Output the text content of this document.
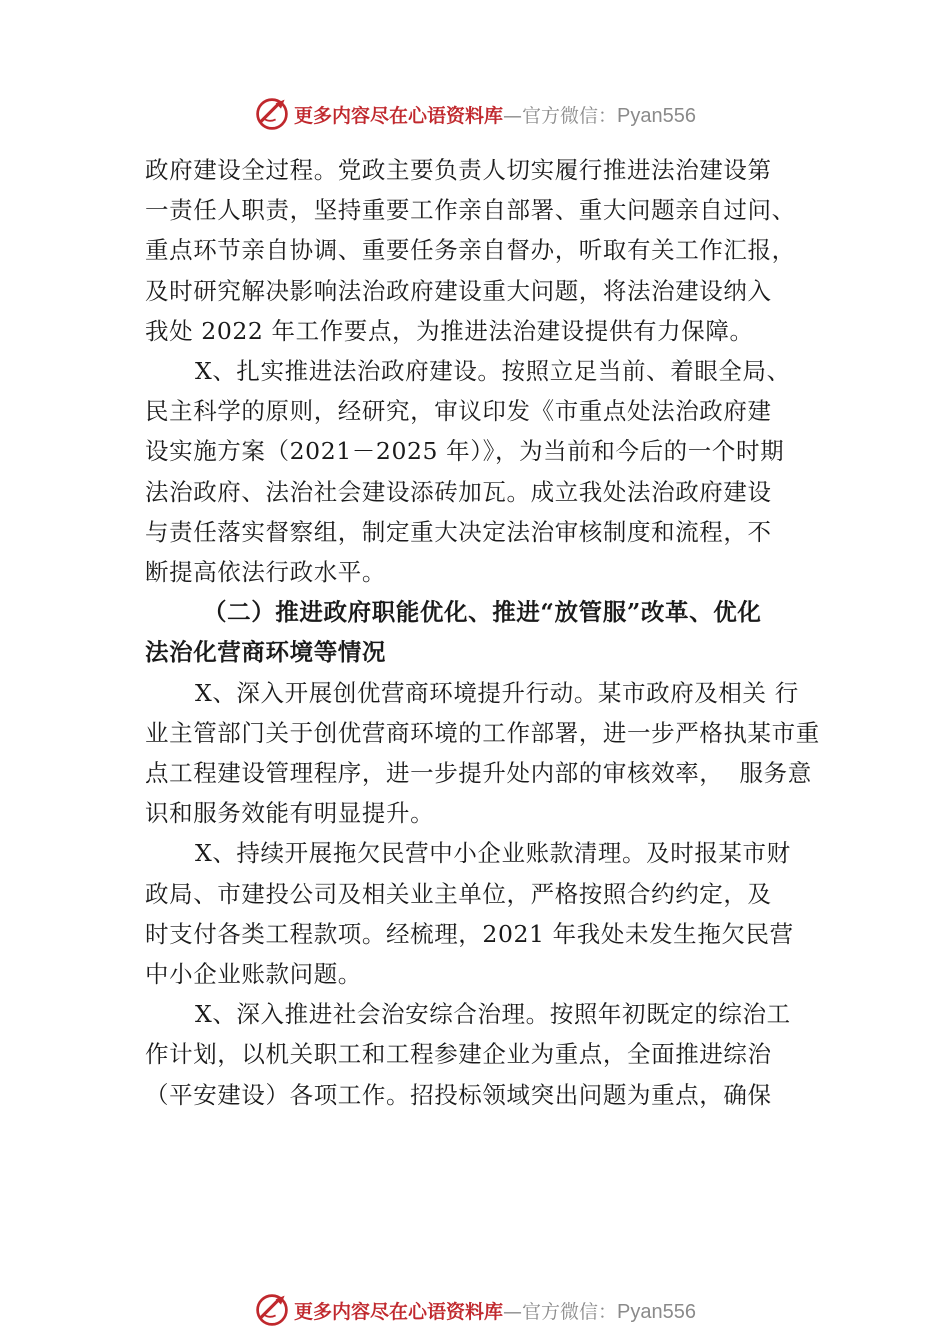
更多内容尽在心语资料库 — 官方微信： Pyan556

政府建设全过程。党政主要负责人切实履行推进法治建设第
一责任人职责，坚持重要工作亲自部署、重大问题亲自过问、
重点环节亲自协调、重要任务亲自督办，听取有关工作汇报，
及时研究解决影响法治政府建设重大问题，将法治建设纳入
我处 2022 年工作要点，为推进法治建设提供有力保障。

X、扎实推进法治政府建设。按照立足当前、着眼全局、
民主科学的原则，经研究，审议印发《市重点处法治政府建
设实施方案（2021－2025 年）》，为当前和今后的一个时期
法治政府、法治社会建设添砖加瓦。成立我处法治政府建设
与责任落实督察组，制定重大决定法治审核制度和流程，不
断提高依法行政水平。

（二）推进政府职能优化、推进“放管服”改革、优化
法治化营商环境等情况

X、深入开展创优营商环境提升行动。某市政府及相关 行
业主管部门关于创优营商环境的工作部署，进一步严格执某市重
点工程建设管理程序，进一步提升处内部的审核效率，  服务意
识和服务效能有明显提升。

X、持续开展拖欠民营中小企业账款清理。及时报某市财
政局、市建投公司及相关业主单位，严格按照合约约定，及
时支付各类工程款项。经梳理，2021 年我处未发生拖欠民营
中小企业账款问题。

X、深入推进社会治安综合治理。按照年初既定的综治工
作计划，以机关职工和工程参建企业为重点，全面推进综治
（平安建设）各项工作。招投标领域突出问题为重点，确保

更多内容尽在心语资料库 — 官方微信： Pyan556
